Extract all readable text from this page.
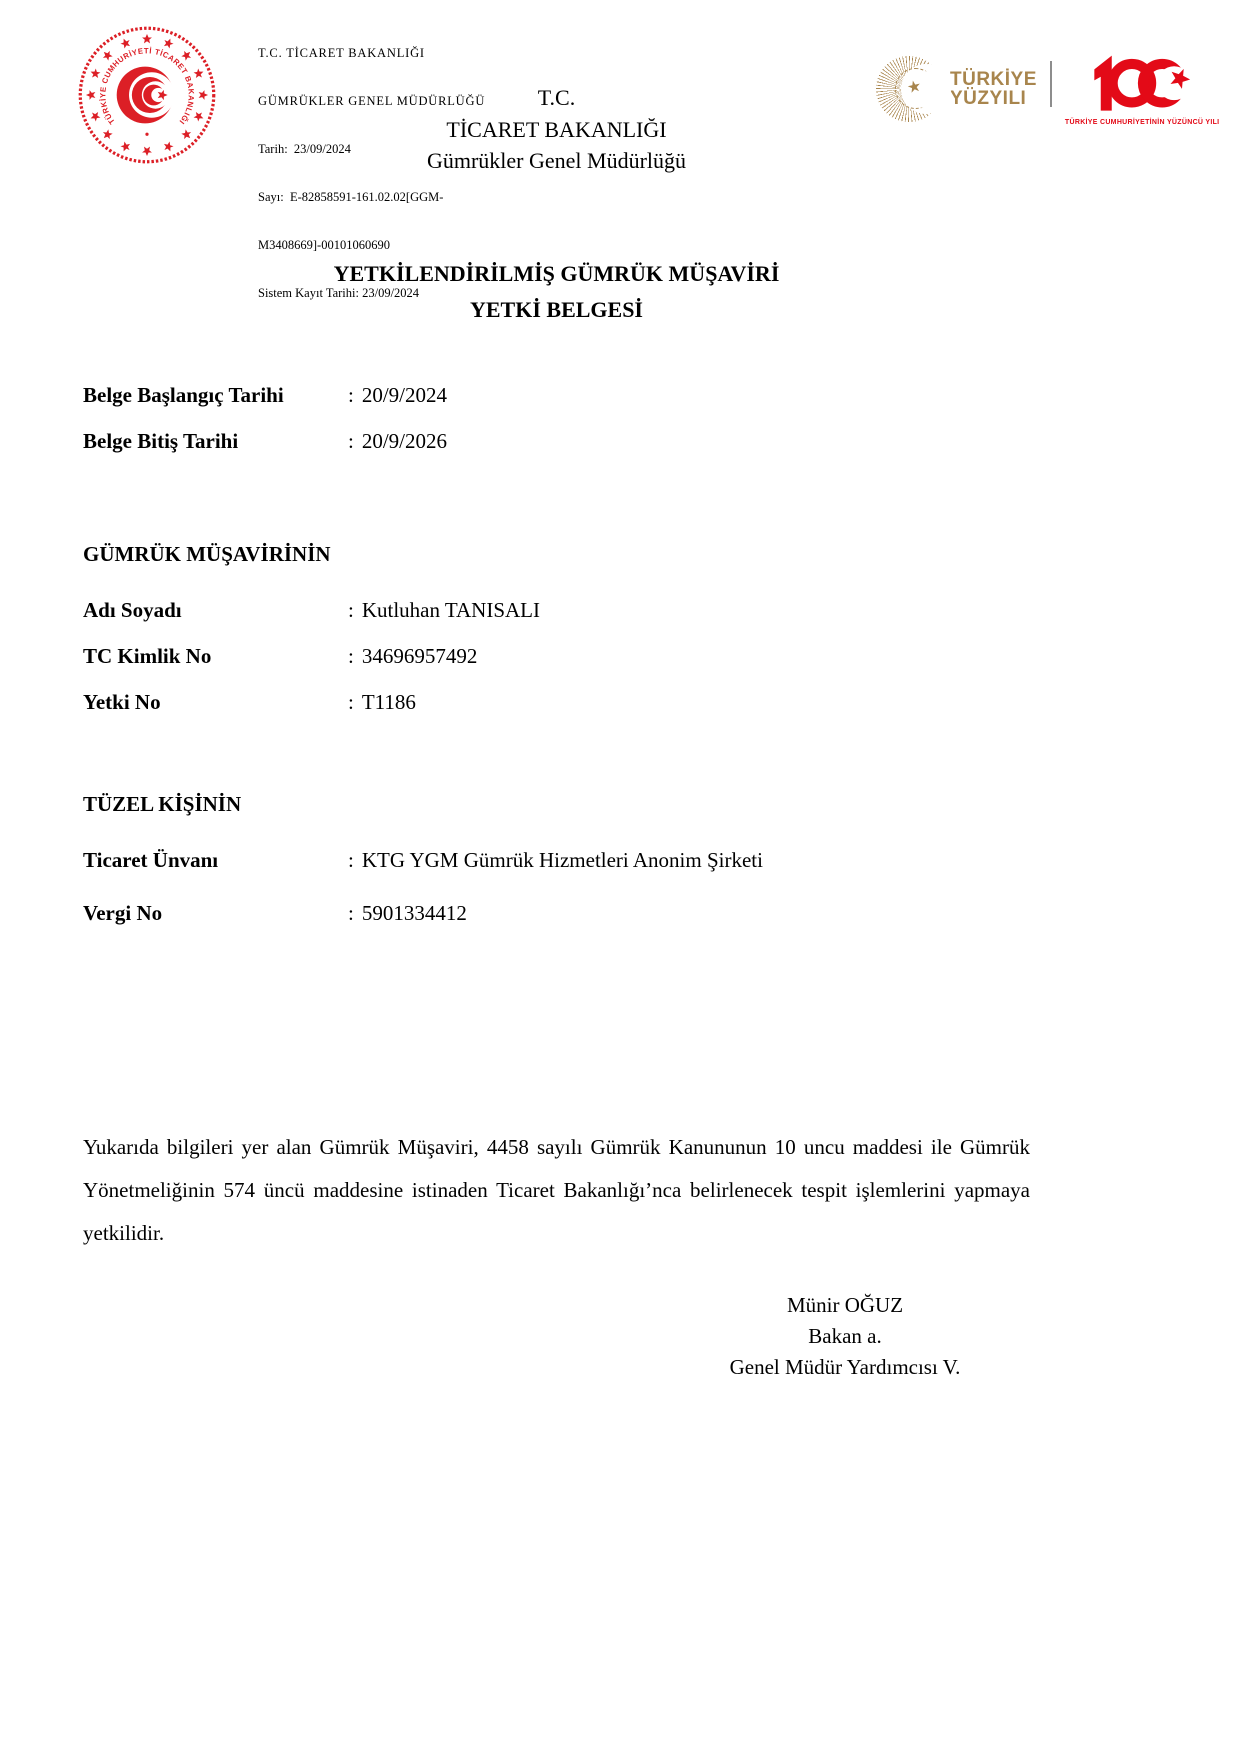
TÜRKİYE CUMHURİYETİ TİCARET BAKANLIĞI

T.C. TİCARET BAKANLIĞI

GÜMRÜKLER GENEL MÜDÜRLÜĞÜ

Tarih:  23/09/2024

Sayı:  E-82858591-161.02.02[GGM-

M3408669]-00101060690

Sistem Kayıt Tarihi: 23/09/2024

T.C.
TİCARET BAKANLIĞI
Gümrükler Genel Müdürlüğü
★ TÜRKİYE
YÜZYILI
TÜRKİYE CUMHURİYETİNİN YÜZÜNCÜ YILI
YETKİLENDİRİLMİŞ GÜMRÜK MÜŞAVİRİ
YETKİ BELGESİ
Belge Başlangıç Tarihi	: 20/9/2024
Belge Bitiş Tarihi	: 20/9/2026
GÜMRÜK MÜŞAVİRİNİN
Adı Soyadı	: Kutluhan TANISALI
TC Kimlik No	: 34696957492
Yetki No	: T1186
TÜZEL KİŞİNİN
Ticaret Ünvanı	: KTG YGM Gümrük Hizmetleri Anonim Şirketi
Vergi No	: 5901334412
Yukarıda bilgileri yer alan Gümrük Müşaviri, 4458 sayılı Gümrük Kanununun 10 uncu maddesi ile Gümrük Yönetmeliğinin 574 üncü maddesine istinaden Ticaret Bakanlığı’nca belirlenecek tespit işlemlerini yapmaya yetkilidir.
Münir OĞUZ
Bakan a.
Genel Müdür Yardımcısı V.
